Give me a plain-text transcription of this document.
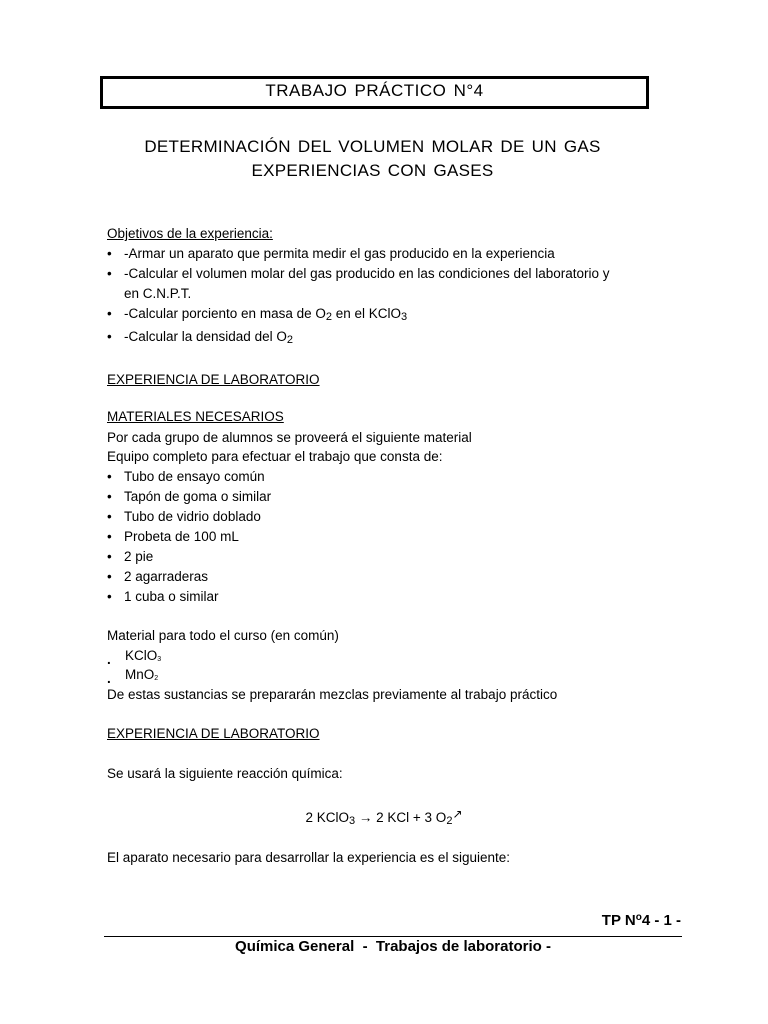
TRABAJO PRÁCTICO N°4
DETERMINACIÓN DEL VOLUMEN MOLAR DE UN GAS
EXPERIENCIAS CON GASES
Objetivos de la experiencia:
• -Armar un aparato que permita medir el gas producido en la experiencia
• -Calcular el volumen molar del gas producido en las condiciones del laboratorio y
en C.N.P.T.
• -Calcular porciento en masa de $O_2$ en el KClO$_3$
• -Calcular la densidad del $O_2$
EXPERIENCIA DE LABORATORIO
MATERIALES NECESARIOS
Por cada grupo de alumnos se proveerá el siguiente material
Equipo completo para efectuar el trabajo que consta de:
• Tubo de ensayo común
• Tapón de goma o similar
• Tubo de vidrio doblado
• Probeta de 100 mL
• 2 pie
• 2 agarraderas
• 1 cuba o similar
Material para todo el curso (en común)
. KClO$_3$
. MnO$_2$
De estas sustancias se prepararán mezclas previamente al trabajo práctico
EXPERIENCIA DE LABORATORIO
Se usará la siguiente reacción química:
2 KClO$_3$ → 2 KCl + 3 $O_2↗$
El aparato necesario para desarrollar la experiencia es el siguiente:
TP $N^o4 - 1$ -
Química General  -  Trabajos de laboratorio -
